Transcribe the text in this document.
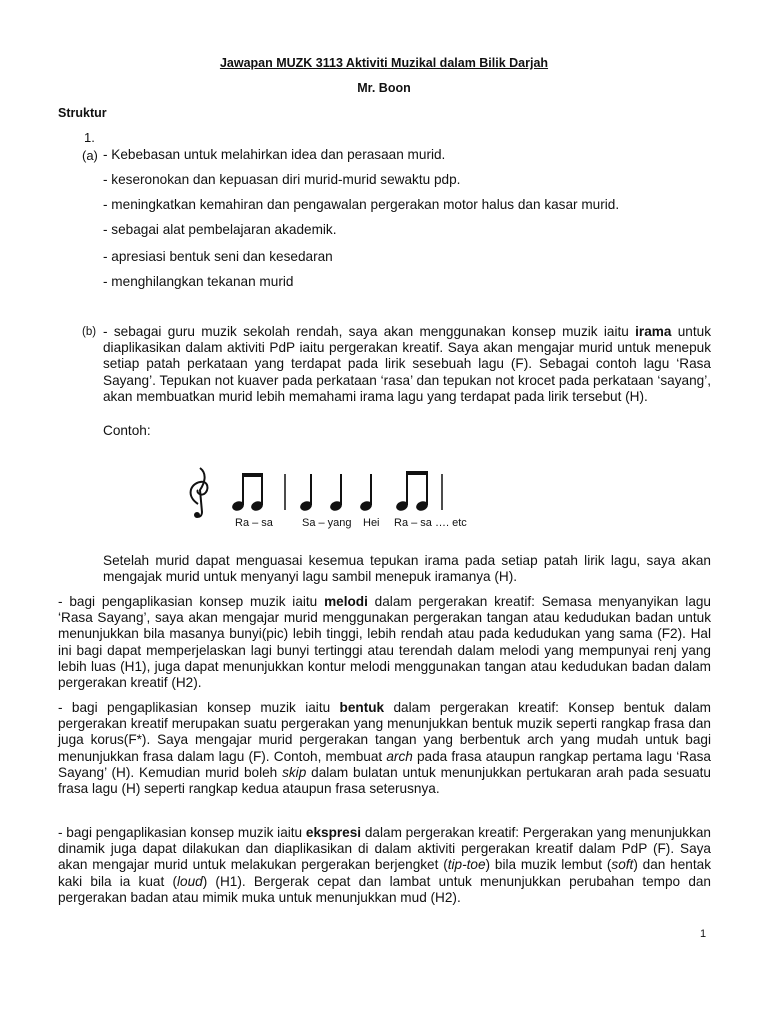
Jawapan MUZK 3113 Aktiviti Muzikal dalam Bilik Darjah
Mr. Boon
Struktur
1.
(a) - Kebebasan untuk melahirkan idea dan perasaan murid.
- keseronokan dan kepuasan diri murid-murid sewaktu pdp.
- meningkatkan kemahiran dan pengawalan pergerakan motor halus dan kasar murid.
- sebagai alat pembelajaran akademik.
- apresiasi bentuk seni dan kesedaran
- menghilangkan tekanan murid
(b) - sebagai guru muzik sekolah rendah, saya akan menggunakan konsep muzik iaitu irama untuk diaplikasikan dalam aktiviti PdP iaitu pergerakan kreatif. Saya akan mengajar murid untuk menepuk setiap patah perkataan yang terdapat pada lirik sesebuah lagu (F). Sebagai contoh lagu ‘Rasa Sayang’. Tepukan not kuaver pada perkataan ‘rasa’ dan tepukan not krocet pada perkataan ‘sayang’, akan membuatkan murid lebih memahami irama lagu yang terdapat pada lirik tersebut (H).
Contoh:
Ra – sa	Sa – yang Hei Ra – sa …. etc
Setelah murid dapat menguasai kesemua tepukan irama pada setiap patah lirik lagu, saya akan mengajak murid untuk menyanyi lagu sambil menepuk iramanya (H).
- bagi pengaplikasian konsep muzik iaitu melodi dalam pergerakan kreatif: Semasa menyanyikan lagu ‘Rasa Sayang’, saya akan mengajar murid menggunakan pergerakan tangan atau kedudukan badan untuk menunjukkan bila masanya bunyi(pic) lebih tinggi, lebih rendah atau pada kedudukan yang sama (F2). Hal ini bagi dapat memperjelaskan lagi bunyi tertinggi atau terendah dalam melodi yang mempunyai renj yang lebih luas (H1), juga dapat menunjukkan kontur melodi menggunakan tangan atau kedudukan badan dalam pergerakan kreatif (H2).
- bagi pengaplikasian konsep muzik iaitu bentuk dalam pergerakan kreatif: Konsep bentuk dalam pergerakan kreatif merupakan suatu pergerakan yang menunjukkan bentuk muzik seperti rangkap frasa dan juga korus(F*). Saya mengajar murid pergerakan tangan yang berbentuk arch yang mudah untuk bagi menunjukkan frasa dalam lagu (F). Contoh, membuat arch pada frasa ataupun rangkap pertama lagu ‘Rasa Sayang’ (H). Kemudian murid boleh skip dalam bulatan untuk menunjukkan pertukaran arah pada sesuatu frasa lagu (H) seperti rangkap kedua ataupun frasa seterusnya.
- bagi pengaplikasian konsep muzik iaitu ekspresi dalam pergerakan kreatif: Pergerakan yang menunjukkan dinamik juga dapat dilakukan dan diaplikasikan di dalam aktiviti pergerakan kreatif dalam PdP (F). Saya akan mengajar murid untuk melakukan pergerakan berjengket (tip-toe) bila muzik lembut (soft) dan hentak kaki bila ia kuat (loud) (H1). Bergerak cepat dan lambat untuk menunjukkan perubahan tempo dan pergerakan badan atau mimik muka untuk menunjukkan mud (H2).
1
